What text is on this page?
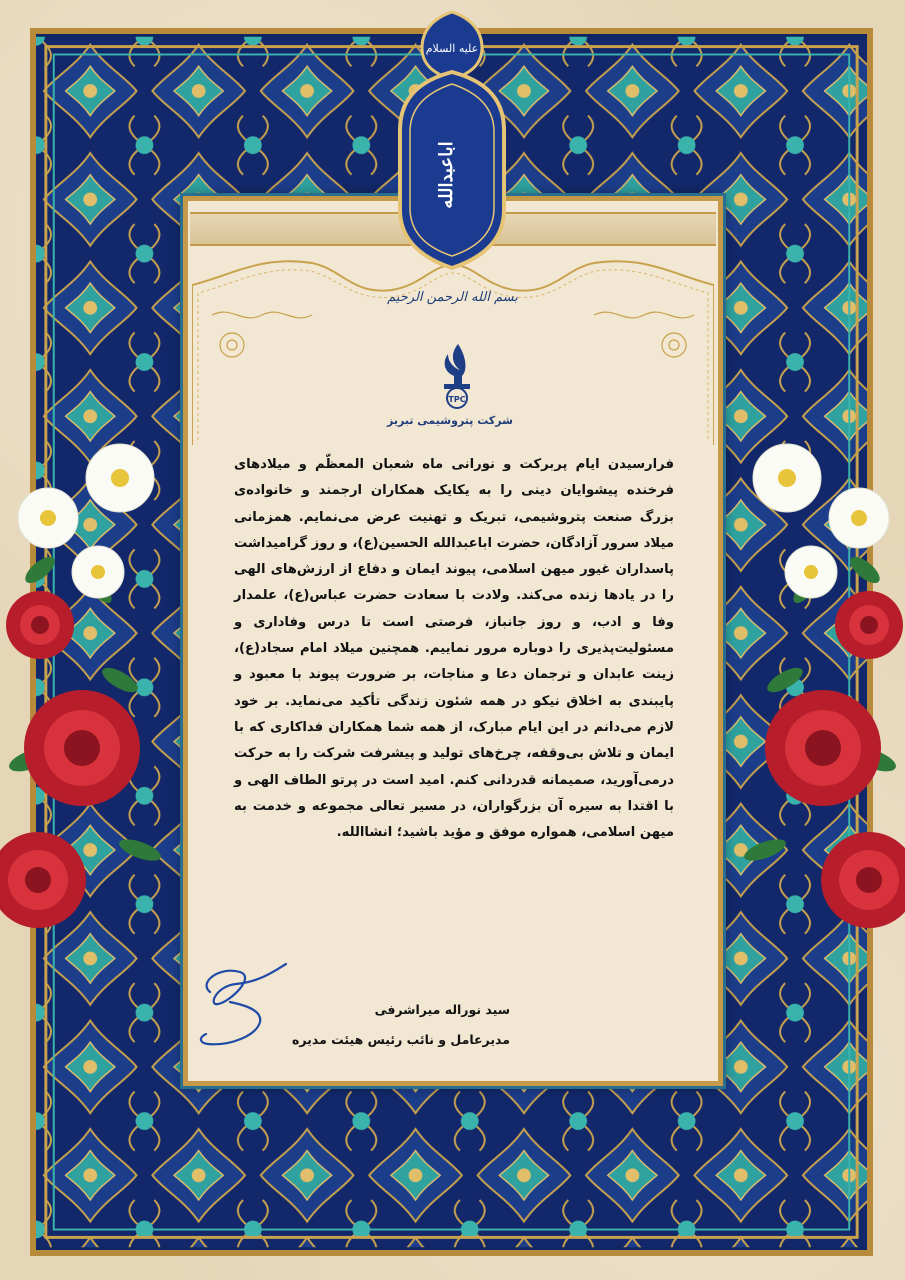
علیه السلام
اباعبدالله
بسم الله الرحمن الرحیم
TPC
شرکت پتروشیمی تبریز
فرارسیدن ایام پربرکت و نورانی ماه شعبان المعظّم و میلادهای فرخنده پیشوایان دینی را به یکایک همکاران ارجمند و خانواده‌ی بزرگ صنعت پتروشیمی، تبریک و تهنیت عرض می‌نمایم. همزمانی میلاد سرور آزادگان، حضرت اباعبدالله الحسین(ع)، و روز گرامیداشت پاسداران غیور میهن اسلامی، پیوند ایمان و دفاع از ارزش‌های الهی را در یادها زنده می‌کند. ولادت با سعادت حضرت عباس(ع)، علمدار وفا و ادب، و روز جانباز، فرصتی است تا درس وفاداری و مسئولیت‌پذیری را دوباره مرور نماییم. همچنین میلاد امام سجاد(ع)، زینت عابدان و ترجمان دعا و مناجات، بر ضرورت پیوند با معبود و پایبندی به اخلاق نیکو در همه شئون زندگی تأکید می‌نماید. بر خود لازم می‌دانم در این ایام مبارک، از همه شما همکاران فداکاری که با ایمان و تلاش بی‌وقفه، چرخ‌های تولید و پیشرفت شرکت را به حرکت درمی‌آورید، صمیمانه قدردانی کنم. امید است در پرتو الطاف الهی و با اقتدا به سیره آن بزرگواران، در مسیر تعالی مجموعه و خدمت به میهن اسلامی، همواره موفق و مؤید باشید؛ انشاالله.
سید نوراله میراشرفی
مدیرعامل و نائب رئیس هیئت مدیره
